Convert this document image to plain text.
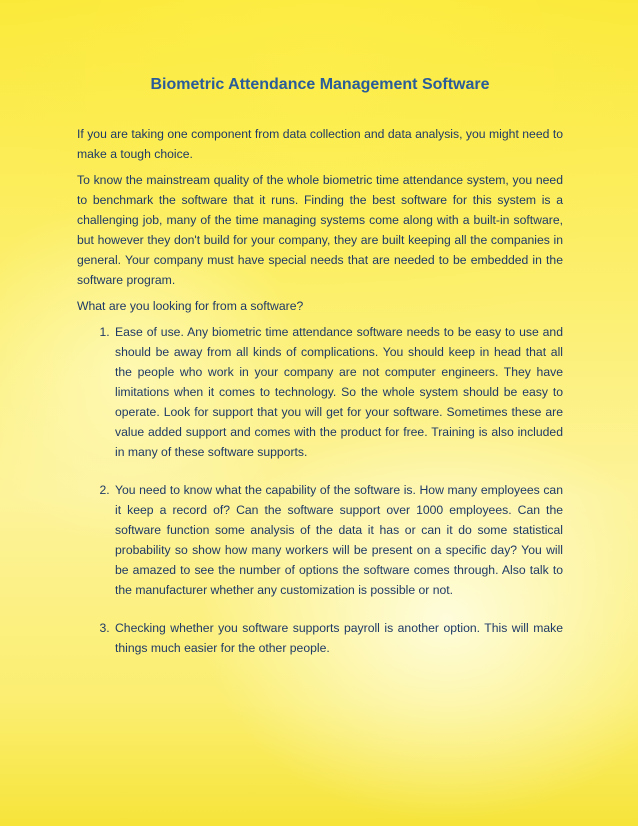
Biometric Attendance Management Software

If you are taking one component from data collection and data analysis, you might need to make a tough choice.

To know the mainstream quality of the whole biometric time attendance system, you need to benchmark the software that it runs. Finding the best software for this system is a challenging job, many of the time managing systems come along with a built-in software, but however they don't build for your company, they are built keeping all the companies in general. Your company must have special needs that are needed to be embedded in the software program.

What are you looking for from a software?

1. Ease of use. Any biometric time attendance software needs to be easy to use and should be away from all kinds of complications. You should keep in head that all the people who work in your company are not computer engineers. They have limitations when it comes to technology. So the whole system should be easy to operate. Look for support that you will get for your software. Sometimes these are value added support and comes with the product for free. Training is also included in many of these software supports.
2. You need to know what the capability of the software is. How many employees can it keep a record of? Can the software support over 1000 employees. Can the software function some analysis of the data it has or can it do some statistical probability so show how many workers will be present on a specific day? You will be amazed to see the number of options the software comes through. Also talk to the manufacturer whether any customization is possible or not.
3. Checking whether you software supports payroll is another option. This will make things much easier for the other people.
